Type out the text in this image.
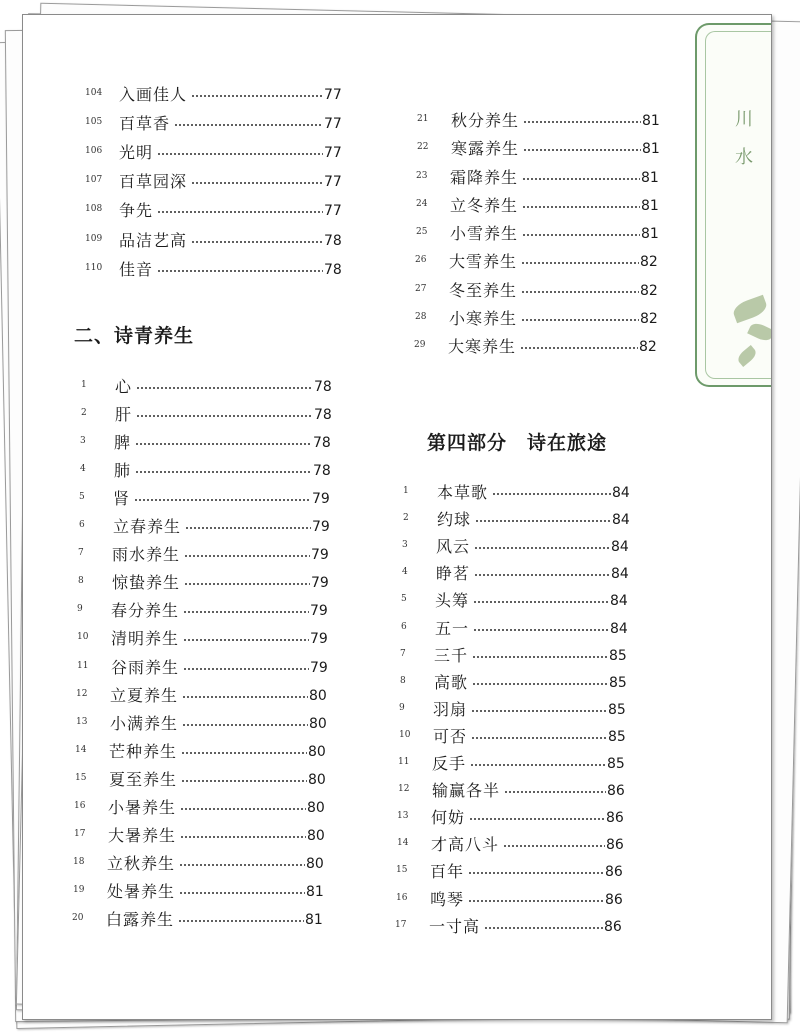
川
水
二、诗青养生
第四部分　诗在旅途
104	入画佳人	77
105	百草香	77
106	光明	77
107	百草园深	77
108	争先	77
109	品洁艺高	78
110	佳音	78
1	心	78
2	肝	78
3	脾	78
4	肺	78
5	肾	79
6	立春养生	79
7	雨水养生	79
8	惊蛰养生	79
9	春分养生	79
10	清明养生	79
11	谷雨养生	79
12	立夏养生	80
13	小满养生	80
14	芒种养生	80
15	夏至养生	80
16	小暑养生	80
17	大暑养生	80
18	立秋养生	80
19	处暑养生	81
20	白露养生	81
21	秋分养生	81
22	寒露养生	81
23	霜降养生	81
24	立冬养生	81
25	小雪养生	81
26	大雪养生	82
27	冬至养生	82
28	小寒养生	82
29	大寒养生	82
1	本草歌	84
2	约球	84
3	风云	84
4	睁茗	84
5	头筹	84
6	五一	84
7	三千	85
8	高歌	85
9	羽扇	85
10	可否	85
11	反手	85
12	输赢各半	86
13	何妨	86
14	才高八斗	86
15	百年	86
16	鸣琴	86
17	一寸高	86
